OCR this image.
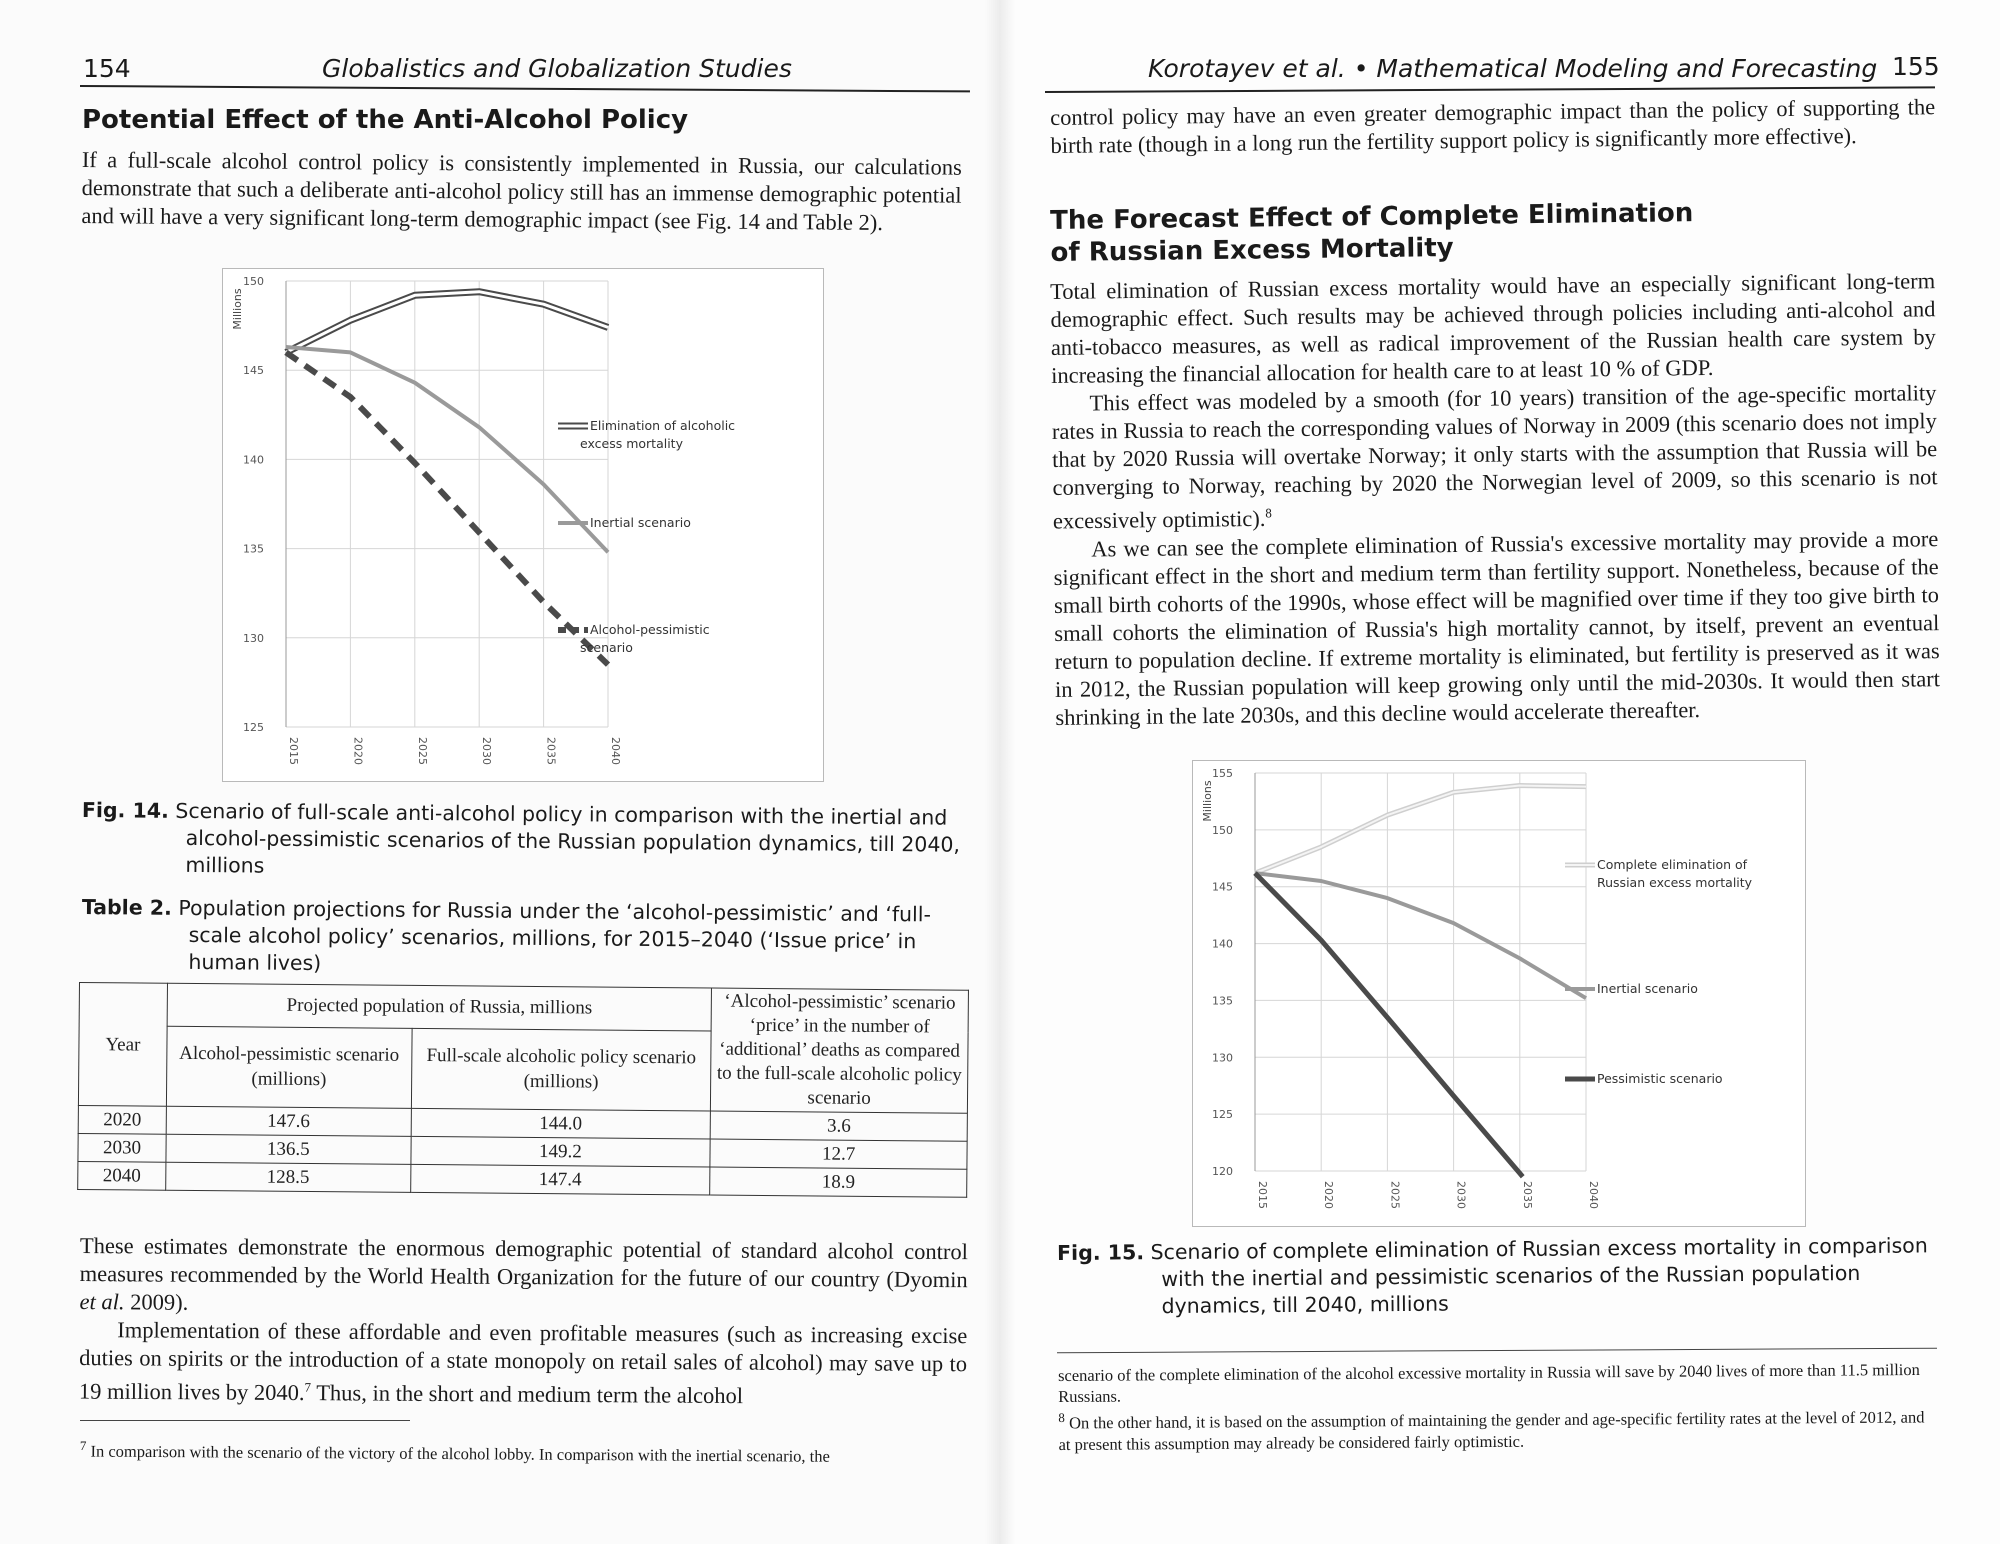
154	Globalistics and Globalization Studies
Potential Effect of the Anti-Alcohol Policy

If a full-scale alcohol control policy is consistently implemented in Russia, our calculations demonstrate that such a deliberate anti-alcohol policy still has an immense demographic potential and will have a very significant long-term demographic impact (see Fig. 14 and Table 2).

125
130
135
140
145
150
2015	2020	2025	2030	2035	2040
Millions
Elimination of alcoholic
excess mortality
Inertial scenario
Alcohol-pessimistic
scenario
Fig. 14. Scenario of full-scale anti-alcohol policy in comparison with the inertial and alcohol-pessimistic scenarios of the Russian population dynamics, till 2040, millions
Table 2. Population projections for Russia under the ‘alcohol-pessimistic’ and ‘full-scale alcohol policy’ scenarios, millions, for 2015–2040 (‘Issue price’ in human lives)
Year	Projected population of Russia, millions		‘Alcohol-pessimistic’ scenario ‘price’ in the number of ‘additional’ deaths as compared to the full-scale alcoholic policy scenario
	Alcohol-pessimistic scenario (millions)	Full-scale alcoholic policy scenario (millions)	
2020	147.6	144.0	3.6
2030	136.5	149.2	12.7
2040	128.5	147.4	18.9

These estimates demonstrate the enormous demographic potential of standard alcohol control measures recommended by the World Health Organization for the future of our country (Dyomin et al. 2009).

Implementation of these affordable and even profitable measures (such as increasing excise duties on spirits or the introduction of a state monopoly on retail sales of alcohol) may save up to 19 million lives by 2040.$^7$ Thus, in the short and medium term the alcohol

$^7$ In comparison with the scenario of the victory of the alcohol lobby. In comparison with the inertial scenario, the
Korotayev et al. • Mathematical Modeling and Forecasting 155

control policy may have an even greater demographic impact than the policy of supporting the birth rate (though in a long run the fertility support policy is significantly more effective).

The Forecast Effect of Complete Elimination
of Russian Excess Mortality

Total elimination of Russian excess mortality would have an especially significant long-term demographic effect. Such results may be achieved through policies including anti-alcohol and anti-tobacco measures, as well as radical improvement of the Russian health care system by increasing the financial allocation for health care to at least 10 % of GDP.

This effect was modeled by a smooth (for 10 years) transition of the age-specific mortality rates in Russia to reach the corresponding values of Norway in 2009 (this scenario does not imply that by 2020 Russia will overtake Norway; it only starts with the assumption that Russia will be converging to Norway, reaching by 2020 the Norwegian level of 2009, so this scenario is not excessively optimistic).$^8$

As we can see the complete elimination of Russia's excessive mortality may provide a more significant effect in the short and medium term than fertility support. Nonetheless, because of the small birth cohorts of the 1990s, whose effect will be magnified over time if they too give birth to small cohorts the elimination of Russia's high mortality cannot, by itself, prevent an eventual return to population decline. If extreme mortality is eliminated, but fertility is preserved as it was in 2012, the Russian population will keep growing only until the mid-2030s. It would then start shrinking in the late 2030s, and this decline would accelerate thereafter.

120
125
130
135
140
145
150
155
2015	2020	2025	2030	2035	2040
Millions
Complete elimination of
Russian excess mortality
Inertial scenario
Pessimistic scenario
Fig. 15. Scenario of complete elimination of Russian excess mortality in comparison with the inertial and pessimistic scenarios of the Russian population dynamics, till 2040, millions
scenario of the complete elimination of the alcohol excessive mortality in Russia will save by 2040 lives of more than 11.5 million Russians.
$^8$ On the other hand, it is based on the assumption of maintaining the gender and age-specific fertility rates at the level of 2012, and at present this assumption may already be considered fairly optimistic.
